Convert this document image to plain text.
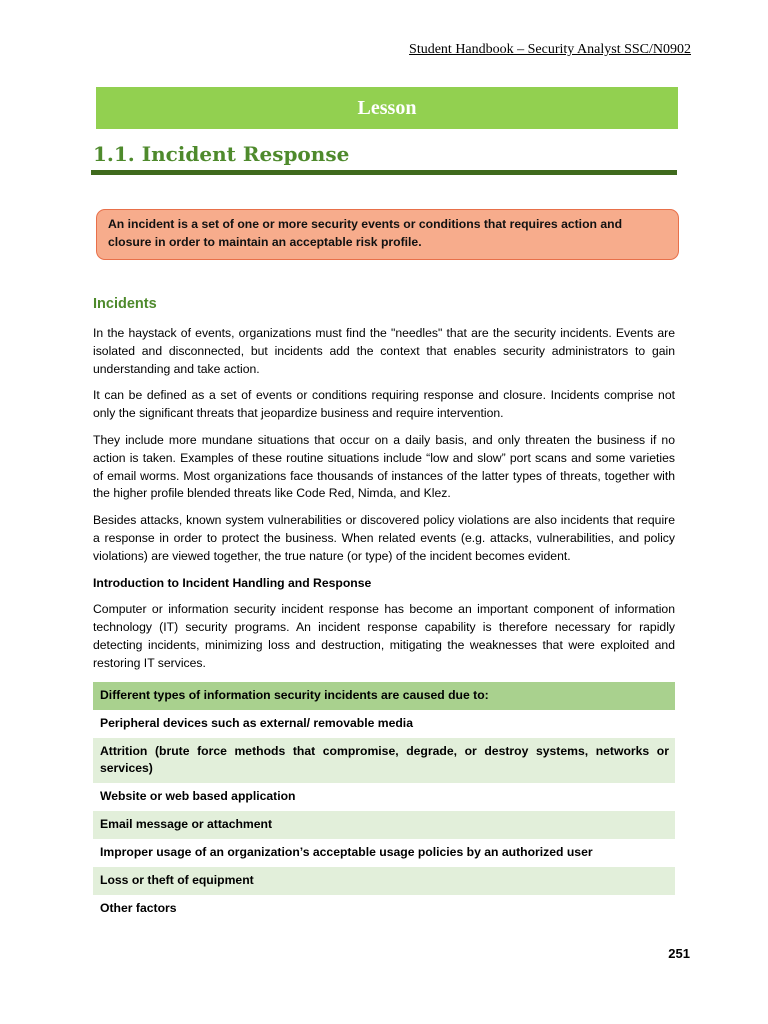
Student Handbook – Security Analyst SSC/N0902
Lesson
1.1. Incident Response
An incident is a set of one or more security events or conditions that requires action and closure in order to maintain an acceptable risk profile.
Incidents

In the haystack of events, organizations must find the "needles" that are the security incidents. Events are isolated and disconnected, but incidents add the context that enables security administrators to gain understanding and take action.

It can be defined as a set of events or conditions requiring response and closure. Incidents comprise not only the significant threats that jeopardize business and require intervention.

They include more mundane situations that occur on a daily basis, and only threaten the business if no action is taken. Examples of these routine situations include “low and slow” port scans and some varieties of email worms. Most organizations face thousands of instances of the latter types of threats, together with the higher profile blended threats like Code Red, Nimda, and Klez.

Besides attacks, known system vulnerabilities or discovered policy violations are also incidents that require a response in order to protect the business. When related events (e.g. attacks, vulnerabilities, and policy violations) are viewed together, the true nature (or type) of the incident becomes evident.

Introduction to Incident Handling and Response

Computer or information security incident response has become an important component of information technology (IT) security programs. An incident response capability is therefore necessary for rapidly detecting incidents, minimizing loss and destruction, mitigating the weaknesses that were exploited and restoring IT services.

Different types of information security incidents are caused due to:
Peripheral devices such as external/ removable media
Attrition (brute force methods that compromise, degrade, or destroy systems, networks or services)
Website or web based application
Email message or attachment
Improper usage of an organization’s acceptable usage policies by an authorized user
Loss or theft of equipment
Other factors
251
